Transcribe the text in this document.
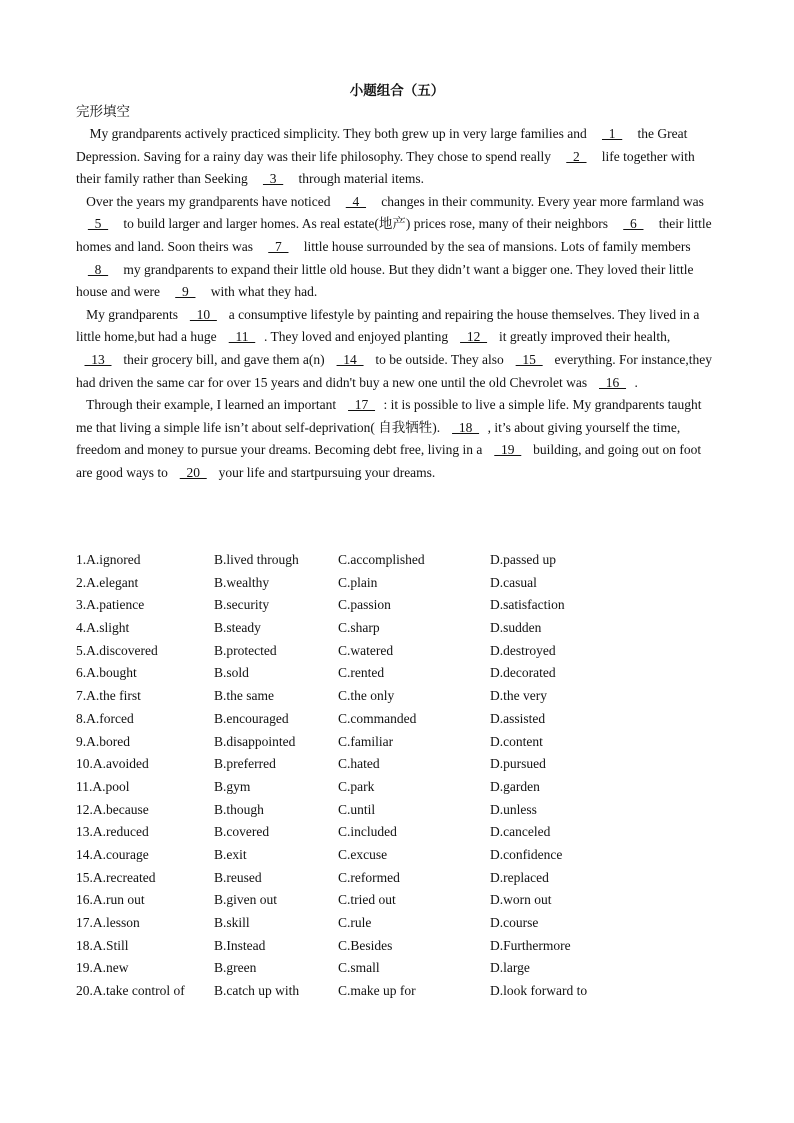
小题组合（五）
完形填空

My grandparents actively practiced simplicity. They both grew up in very large families and   1   the Great Depression. Saving for a rainy day was their life philosophy. They chose to spend really   2   life together with their family rather than Seeking   3   through material items.

Over the years my grandparents have noticed   4   changes in their community. Every year more farmland was   5   to build larger and larger homes. As real estate(地产) prices rose, many of their neighbors   6   their little homes and land. Soon theirs was   7   little house surrounded by the sea of mansions. Lots of family members   8   my grandparents to expand their little old house. But they didn’t want a bigger one. They loved their little house and were   9   with what they had.

My grandparents   10   a consumptive lifestyle by painting and repairing the house themselves. They lived in a little home,but had a huge   11  . They loved and enjoyed planting   12   it greatly improved their health,   13   their grocery bill, and gave them a(n)   14   to be outside. They also   15   everything. For instance,they had driven the same car for over 15 years and didn't buy a new one until the old Chevrolet was   16  .

Through their example, I learned an important   17  : it is possible to live a simple life. My grandparents taught me that living a simple life isn’t about self-deprivation( 自我牺牲).   18  , it’s about giving yourself the time, freedom and money to pursue your dreams. Becoming debt free, living in a   19   building, and going out on foot are good ways to   20   your life and startpursuing your dreams.

1.A.ignored	B.lived through	C.accomplished	D.passed up
2.A.elegant	B.wealthy	C.plain	D.casual
3.A.patience	B.security	C.passion	D.satisfaction
4.A.slight	B.steady	C.sharp	D.sudden
5.A.discovered	B.protected	C.watered	D.destroyed
6.A.bought	B.sold	C.rented	D.decorated
7.A.the first	B.the same	C.the only	D.the very
8.A.forced	B.encouraged	C.commanded	D.assisted
9.A.bored	B.disappointed	C.familiar	D.content
10.A.avoided	B.preferred	C.hated	D.pursued
11.A.pool	B.gym	C.park	D.garden
12.A.because	B.though	C.until	D.unless
13.A.reduced	B.covered	C.included	D.canceled
14.A.courage	B.exit	C.excuse	D.confidence
15.A.recreated	B.reused	C.reformed	D.replaced
16.A.run out	B.given out	C.tried out	D.worn out
17.A.lesson	B.skill	C.rule	D.course
18.A.Still	B.Instead	C.Besides	D.Furthermore
19.A.new	B.green	C.small	D.large
20.A.take control of B.catch up with	C.make up for	D.look forward to
